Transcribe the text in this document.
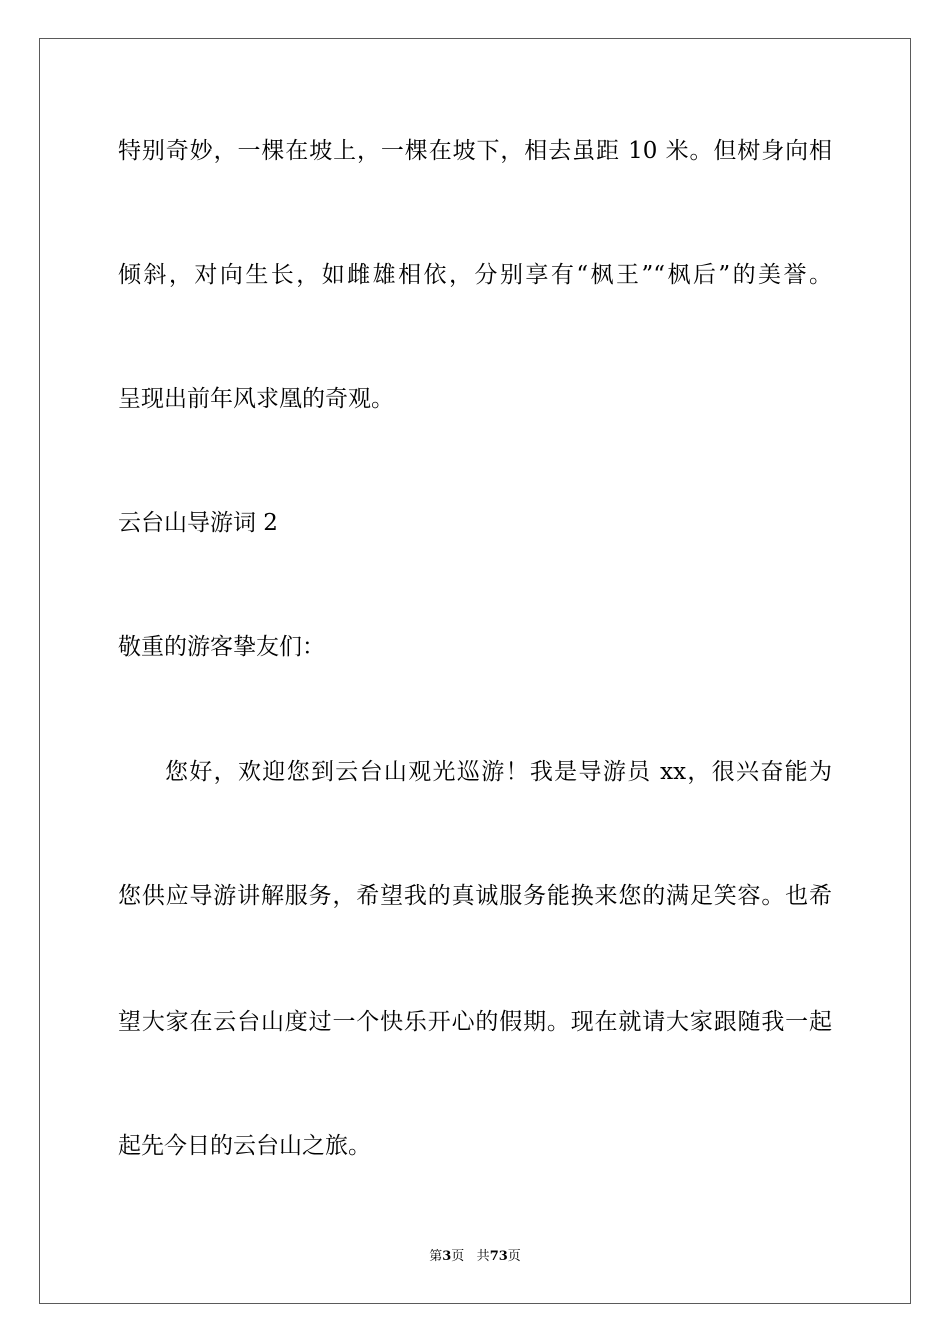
特别奇妙，一棵在坡上，一棵在坡下，相去虽距 10 米。但树身向相
倾斜，对向生长，如雌雄相依，分别享有“枫王”“枫后”的美誉。
呈现出前年风求凰的奇观。
云台山导游词 2
敬重的游客挚友们：
您好，欢迎您到云台山观光巡游！我是导游员 xx，很兴奋能为
您供应导游讲解服务，希望我的真诚服务能换来您的满足笑容。也希
望大家在云台山度过一个快乐开心的假期。现在就请大家跟随我一起
起先今日的云台山之旅。
第3页 共73页
